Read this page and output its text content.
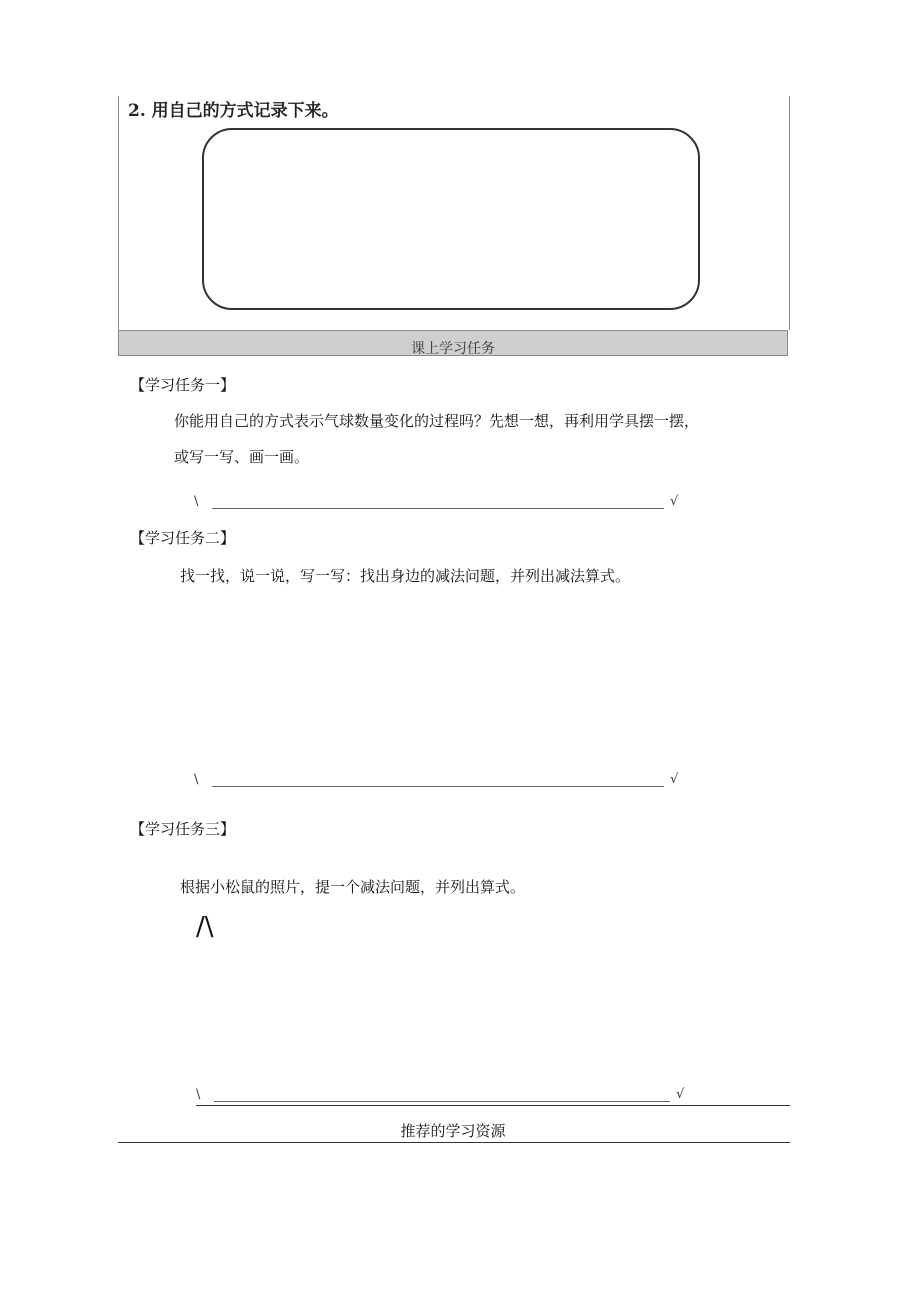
2. 用自己的方式记录下来。
课上学习任务
【学习任务一】
你能用自己的方式表示气球数量变化的过程吗？先想一想，再利用学具摆一摆，
或写一写、画一画。
\	√
【学习任务二】
找一找，说一说，写一写：找出身边的减法问题，并列出减法算式。
\	√
【学习任务三】
根据小松鼠的照片，提一个减法问题，并列出算式。
/\
\	√
推荐的学习资源
